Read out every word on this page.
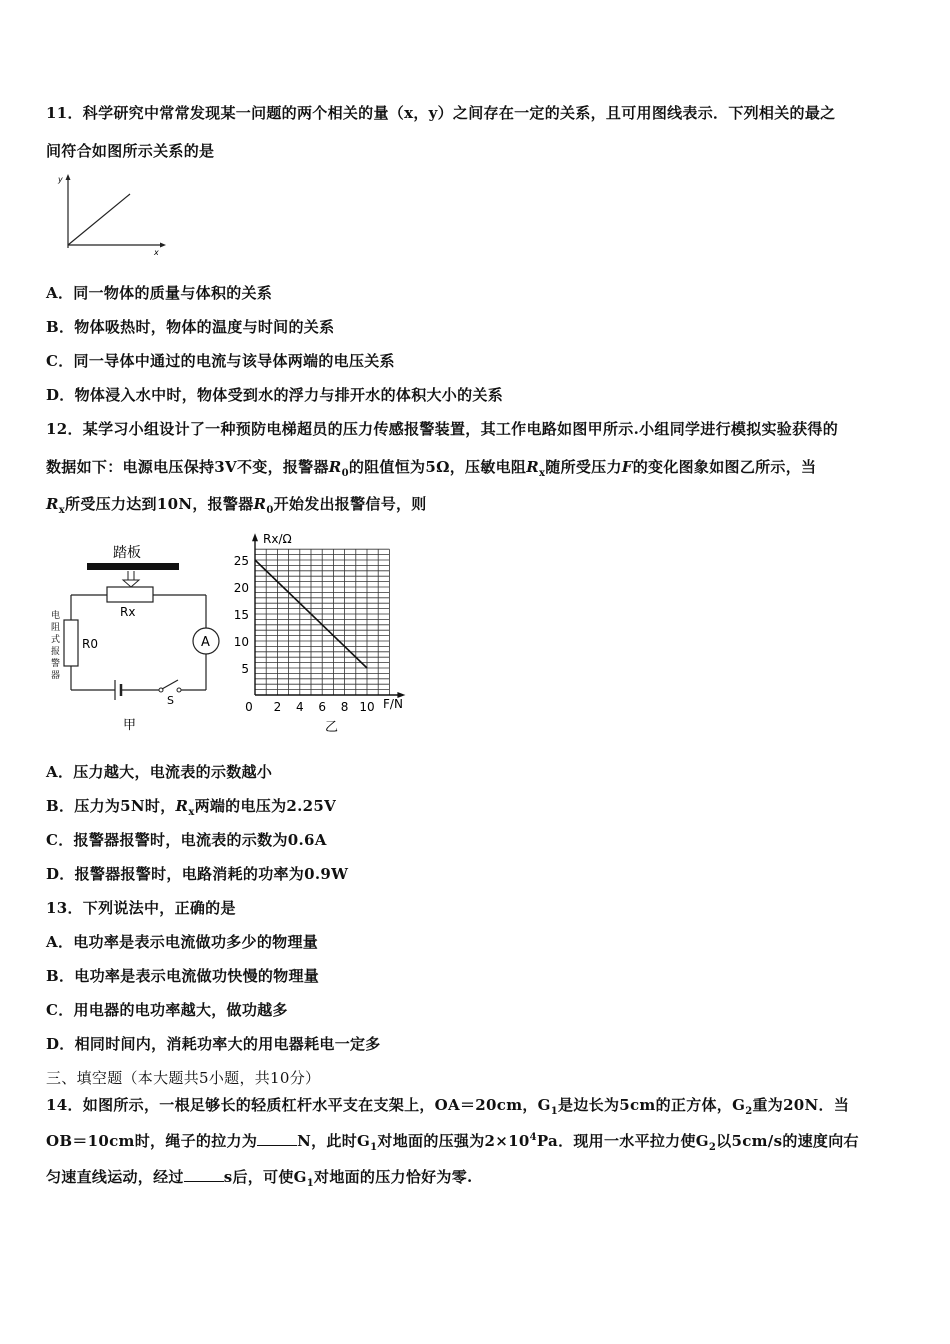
11．科学研究中常常发现某一问题的两个相关的量（x，y）之间存在一定的关系，且可用图线表示．下列相关的最之
间符合如图所示关系的是
y
x
A．同一物体的质量与体积的关系
B．物体吸热时，物体的温度与时间的关系
C．同一导体中通过的电流与该导体两端的电压关系
D．物体浸入水中时，物体受到水的浮力与排开水的体积大小的关系
12．某学习小组设计了一种预防电梯超员的压力传感报警装置，其工作电路如图甲所示.小组同学进行模拟实验获得的
数据如下：电源电压保持3V不变，报警器$R_0$的阻值恒为5Ω，压敏电阻$R_x$随所受压力F的变化图象如图乙所示，当
$R_x$所受压力达到10N，报警器$R_0$开始发出报警信号，则
踏板
Rx
R0
电
阻
式
报
警
器
A
S
甲
25
20
15
10
5
0 2 4 6 8 10
Rx/Ω
F/N
乙
A．压力越大，电流表的示数越小
B．压力为5N时，$R_x$两端的电压为2.25V
C．报警器报警时，电流表的示数为0.6A
D．报警器报警时，电路消耗的功率为0.9W
13．下列说法中，正确的是
A．电功率是表示电流做功多少的物理量
B．电功率是表示电流做功快慢的物理量
C．用电器的电功率越大，做功越多
D．相同时间内，消耗功率大的用电器耗电一定多
三、填空题（本大题共5小题，共10分）
14．如图所示，一根足够长的轻质杠杆水平支在支架上，OA＝20cm，$G_1$是边长为5cm的正方体，$G_2$重为20N．当
OB＝10cm时，绳子的拉力为	N，此时$G_1$对地面的压强为$2\times 10^4Pa$．现用一水平拉力使$G_2$以5cm/s的速度向右
匀速直线运动，经过	s后，可使$G_1$对地面的压力恰好为零.
